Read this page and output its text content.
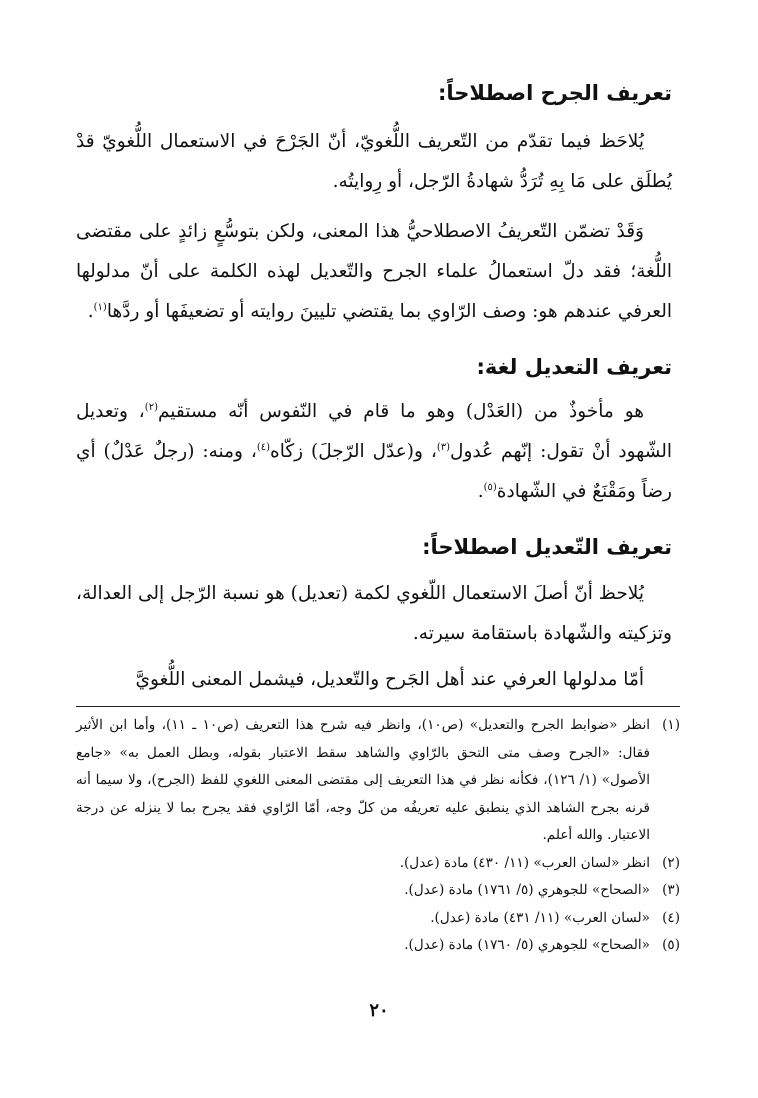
تعريف الجرح اصطلاحاً:

يُلاحَظ فيما تقدّم من التّعريف اللُّغويّ، أنّ الجَرْحَ في الاستعمال اللُّغويّ قدْ يُطلَق على مَا بِهِ تُرَدُّ شهادةُ الرّجل، أو رِوايتُه.

وَقَدْ تضمّن التّعريفُ الاصطلاحيُّ هذا المعنى، ولكن بتوسُّعٍ زائدٍ على مقتضى اللُّغة؛ فقد دلّ استعمالُ علماء الجرح والتّعديل لهذه الكلمة على أنّ مدلولها العرفي عندهم هو: وصف الرّاوي بما يقتضي تليينَ روايته أو تضعيفَها أو ردَّها$^{(١)}$.

تعريف التعديل لغة:

هو مأخوذٌ من (العَدْل) وهو ما قام في النّفوس أنّه مستقيم$^{(٢)}$، وتعديل الشّهود أنْ تقول: إنّهم عُدول$^{(٣)}$، و(عدّل الرّجلَ) زكّاه$^{(٤)}$، ومنه: (رجلٌ عَدْلٌ) أي رضاً ومَقْنَعٌ في الشّهادة$^{(٥)}$.

تعريف التّعديل اصطلاحاً:

يُلاحظ أنّ أصلَ الاستعمال اللّغوي لكمة (تعديل) هو نسبة الرّجل إلى العدالة، وتزكيته والشّهادة باستقامة سيرته.

أمّا مدلولها العرفي عند أهل الجَرح والتّعديل، فيشمل المعنى اللُّغويَّ

(١)
انظر «ضوابط الجرح والتعديل» (ص١٠)، وانظر فيه شرح هذا التعريف (ص١٠ ـ ١١)، وأما ابن الأثير فقال: «الجرح وصف متى التحق بالرّاوي والشاهد سقط الاعتبار بقوله، وبطل العمل به» «جامع الأصول» (١/ ١٢٦)، فكأنه نظر في هذا التعريف إلى مقتضى المعنى اللغوي للفظ (الجرح)، ولا سيما أنه قرنه بجرح الشاهد الذي ينطبق عليه تعريفُه من كلّ وجه، أمّا الرّاوي فقد يجرح بما لا ينزله عن درجة الاعتبار. والله أعلم.
(٢)
انظر «لسان العرب» (١١/ ٤٣٠) مادة (عدل).
(٣)
«الصحاح» للجوهري (٥/ ١٧٦١) مادة (عدل).
(٤)
«لسان العرب» (١١/ ٤٣١) مادة (عدل).
(٥)
«الصحاح» للجوهري (٥/ ١٧٦٠) مادة (عدل).
٢٠
